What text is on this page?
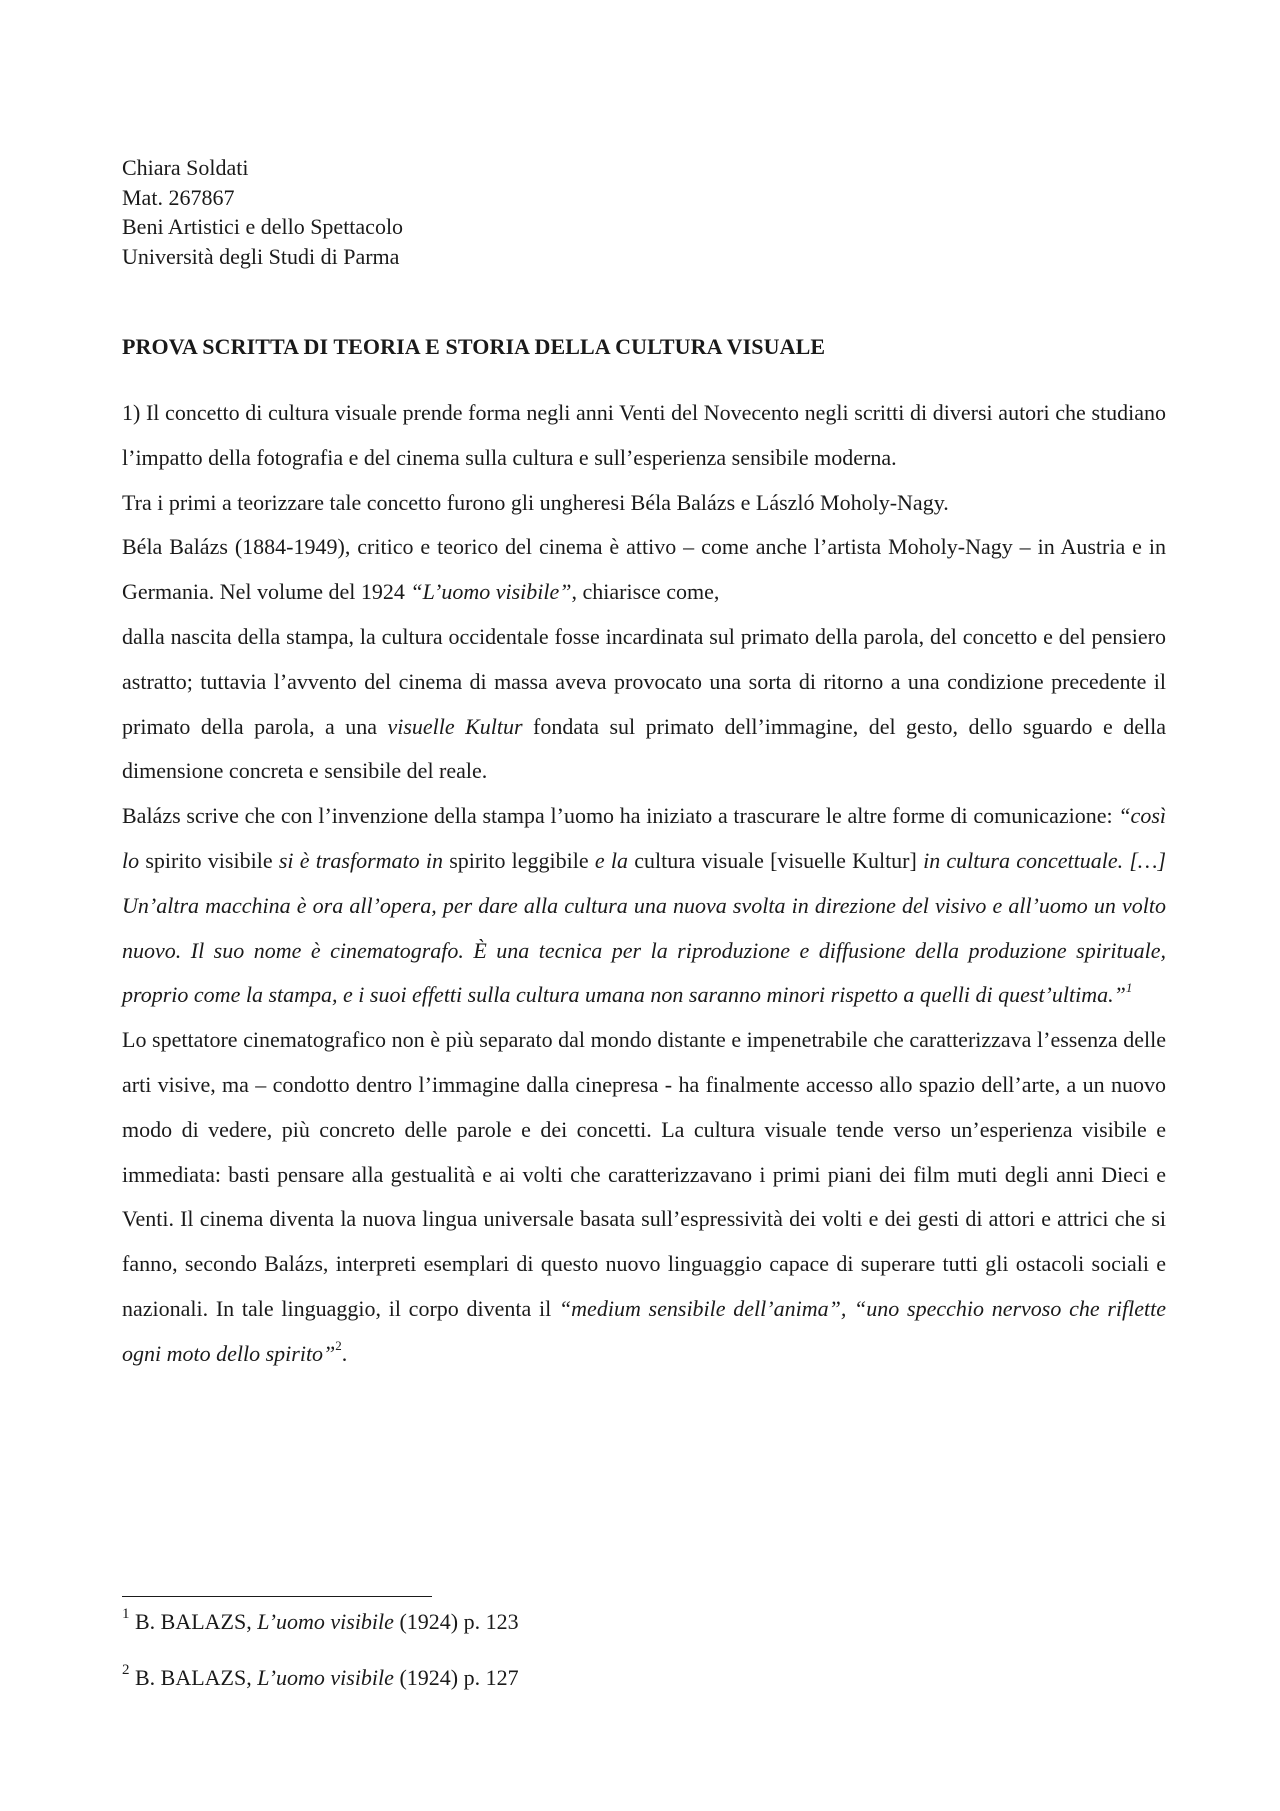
Chiara Soldati
Mat. 267867
Beni Artistici e dello Spettacolo
Università degli Studi di Parma
PROVA SCRITTA DI TEORIA E STORIA DELLA CULTURA VISUALE

1) Il concetto di cultura visuale prende forma negli anni Venti del Novecento negli scritti di diversi autori che studiano l’impatto della fotografia e del cinema sulla cultura e sull’esperienza sensibile moderna.

Tra i primi a teorizzare tale concetto furono gli ungheresi Béla Balázs e László Moholy-Nagy.

Béla Balázs (1884-1949), critico e teorico del cinema è attivo – come anche l’artista Moholy-Nagy – in Austria e in Germania. Nel volume del 1924 “L’uomo visibile”, chiarisce come,

dalla nascita della stampa, la cultura occidentale fosse incardinata sul primato della parola, del concetto e del pensiero astratto; tuttavia l’avvento del cinema di massa aveva provocato una sorta di ritorno a una condizione precedente il primato della parola, a una visuelle Kultur fondata sul primato dell’immagine, del gesto, dello sguardo e della dimensione concreta e sensibile del reale.

Balázs scrive che con l’invenzione della stampa l’uomo ha iniziato a trascurare le altre forme di comunicazione: “così lo spirito visibile si è trasformato in spirito leggibile e la cultura visuale [visuelle Kultur] in cultura concettuale. […] Un’altra macchina è ora all’opera, per dare alla cultura una nuova svolta in direzione del visivo e all’uomo un volto nuovo. Il suo nome è cinematografo. È una tecnica per la riproduzione e diffusione della produzione spirituale, proprio come la stampa, e i suoi effetti sulla cultura umana non saranno minori rispetto a quelli di quest’ultima.”$^1$

Lo spettatore cinematografico non è più separato dal mondo distante e impenetrabile che caratterizzava l’essenza delle arti visive, ma – condotto dentro l’immagine dalla cinepresa - ha finalmente accesso allo spazio dell’arte, a un nuovo modo di vedere, più concreto delle parole e dei concetti. La cultura visuale tende verso un’esperienza visibile e immediata: basti pensare alla gestualità e ai volti che caratterizzavano i primi piani dei film muti degli anni Dieci e Venti. Il cinema diventa la nuova lingua universale basata sull’espressività dei volti e dei gesti di attori e attrici che si fanno, secondo Balázs, interpreti esemplari di questo nuovo linguaggio capace di superare tutti gli ostacoli sociali e nazionali. In tale linguaggio, il corpo diventa il “medium sensibile dell’anima”, “uno specchio nervoso che riflette ogni moto dello spirito”$^2$.

$^1$ B. BALAZS, L’uomo visibile (1924) p. 123
$^2$ B. BALAZS, L’uomo visibile (1924) p. 127
